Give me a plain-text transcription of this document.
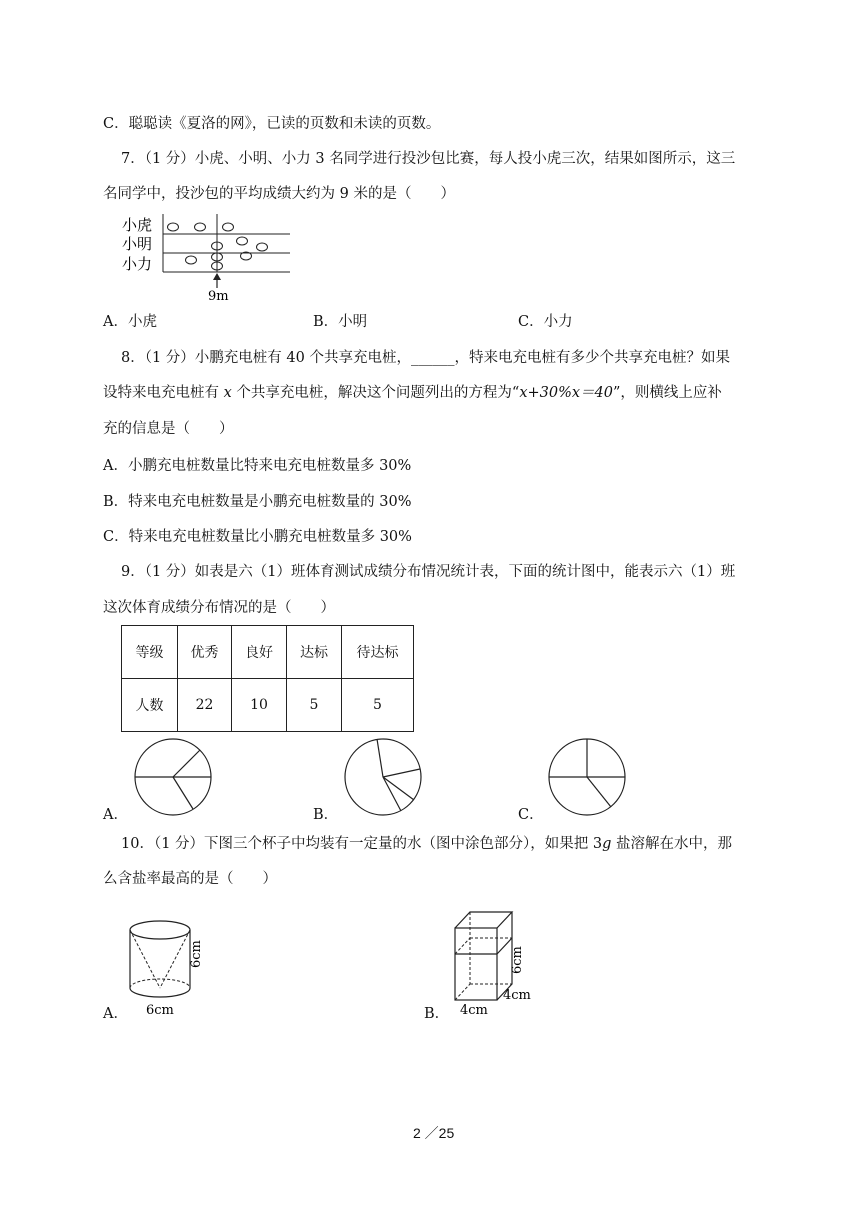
C．聪聪读《夏洛的网》，已读的页数和未读的页数。
7．（1 分）小虎、小明、小力 3 名同学进行投沙包比赛，每人投小虎三次，结果如图所示，这三
名同学中，投沙包的平均成绩大约为 9 米的是（　　）
小虎
小明
小力
9m
A．小虎	B．小明	C．小力
8．（1 分）小鹏充电桩有 40 个共享充电桩，______，特来电充电桩有多少个共享充电桩？如果
设特来电充电桩有 x 个共享充电桩，解决这个问题列出的方程为“x+30%x＝40”，则横线上应补
充的信息是（　　）
A．小鹏充电桩数量比特来电充电桩数量多 30%
B．特来电充电桩数量是小鹏充电桩数量的 30%
C．特来电充电桩数量比小鹏充电桩数量多 30%
9．（1 分）如表是六（1）班体育测试成绩分布情况统计表，下面的统计图中，能表示六（1）班
这次体育成绩分布情况的是（　　）
等级	优秀	良好	达标	待达标
人数	22	10	5	5
A．	B．	C．
10．（1 分）下图三个杯子中均装有一定量的水（图中涂色部分），如果把 3g 盐溶解在水中，那
么含盐率最高的是（　　）
6cm
6cm
A．
6cm
4cm
4cm
B．
2 ／25
